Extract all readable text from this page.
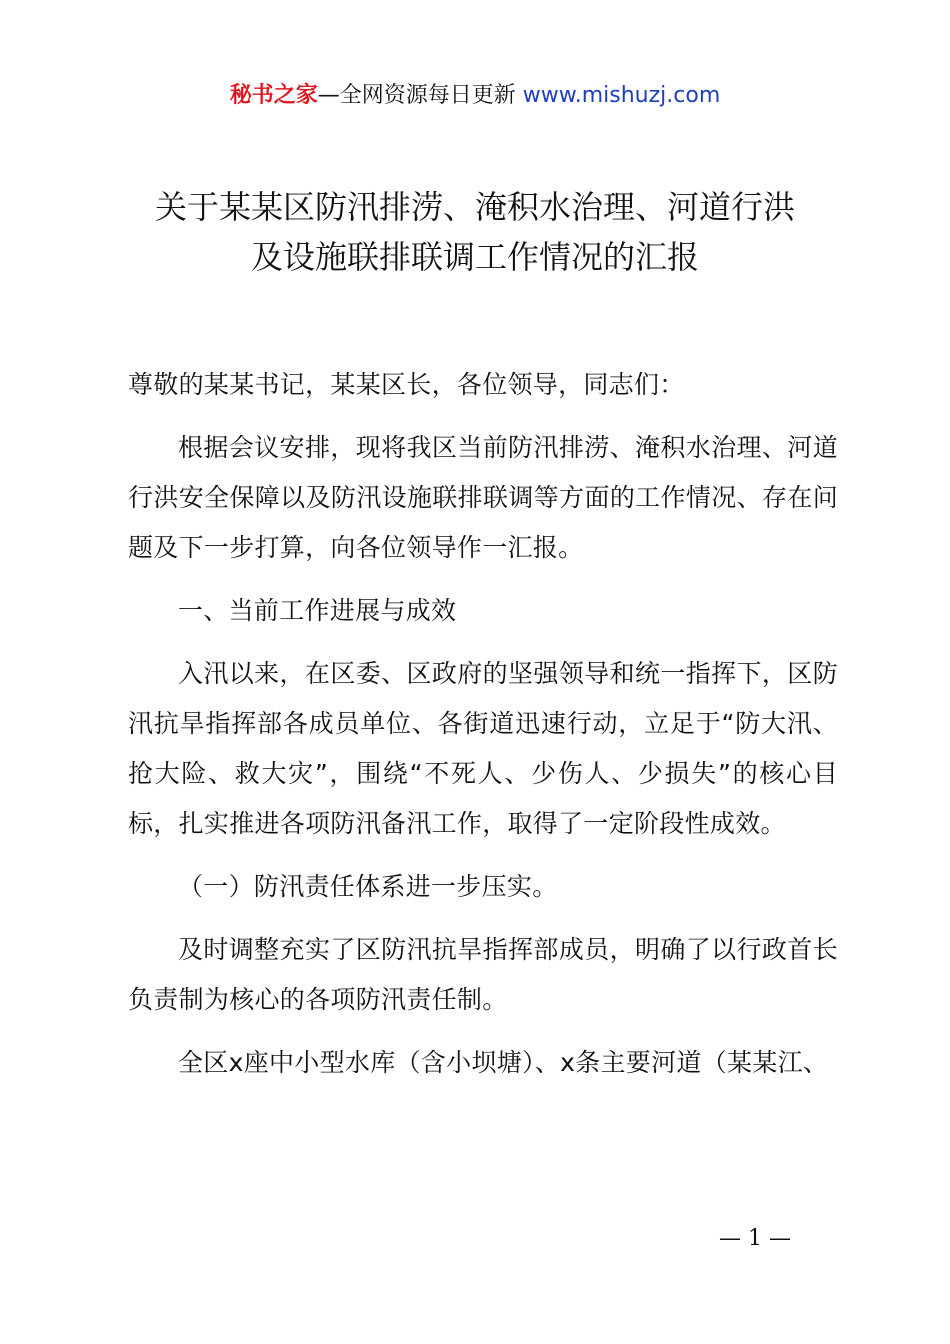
秘书之家—全网资源每日更新 www.mishuzj.com
关于某某区防汛排涝、淹积水治理、河道行洪
及设施联排联调工作情况的汇报

尊敬的某某书记，某某区长，各位领导，同志们：

根据会议安排，现将我区当前防汛排涝、淹积水治理、河道行洪安全保障以及防汛设施联排联调等方面的工作情况、存在问题及下一步打算，向各位领导作一汇报。

一、当前工作进展与成效

入汛以来，在区委、区政府的坚强领导和统一指挥下，区防汛抗旱指挥部各成员单位、各街道迅速行动，立足于“防大汛、抢大险、救大灾”，围绕“不死人、少伤人、少损失”的核心目标，扎实推进各项防汛备汛工作，取得了一定阶段性成效。

（一）防汛责任体系进一步压实。

及时调整充实了区防汛抗旱指挥部成员，明确了以行政首长负责制为核心的各项防汛责任制。

全区x座中小型水库（含小坝塘）、x条主要河道（某某江、

— 1 —
